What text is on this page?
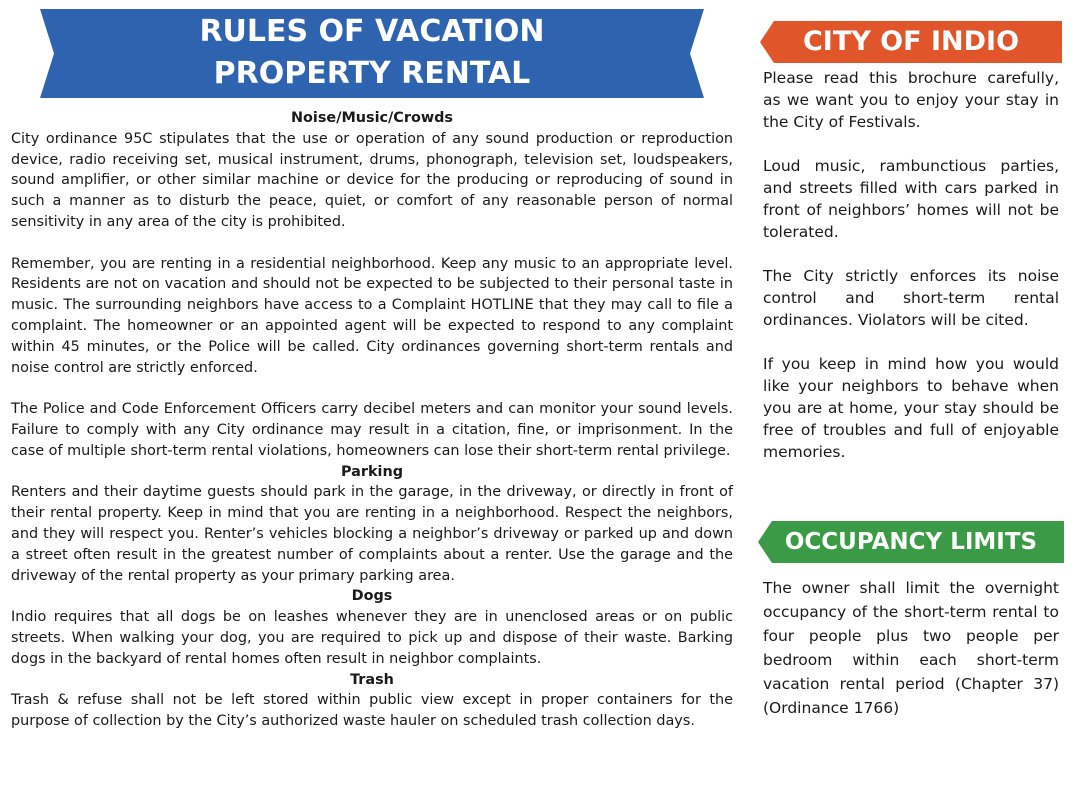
RULES OF VACATION
PROPERTY RENTAL
Noise/Music/Crowds

City ordinance 95C stipulates that the use or operation of any sound production or reproduction device, radio receiving set, musical instrument, drums, phonograph, television set, loudspeakers, sound amplifier, or other similar machine or device for the producing or reproducing of sound in such a manner as to disturb the peace, quiet, or comfort of any reasonable person of normal sensitivity in any area of the city is prohibited.

Remember, you are renting in a residential neighborhood. Keep any music to an appropriate level. Residents are not on vacation and should not be expected to be subjected to their personal taste in music. The surrounding neighbors have access to a Complaint HOTLINE that they may call to file a complaint. The homeowner or an appointed agent will be expected to respond to any complaint within 45 minutes, or the Police will be called. City ordinances governing short-term rentals and noise control are strictly enforced.

The Police and Code Enforcement Officers carry decibel meters and can monitor your sound levels. Failure to comply with any City ordinance may result in a citation, fine, or imprisonment. In the case of multiple short-term rental violations, homeowners can lose their short-term rental privilege.

Parking

Renters and their daytime guests should park in the garage, in the driveway, or directly in front of their rental property. Keep in mind that you are renting in a neighborhood. Respect the neighbors, and they will respect you. Renter’s vehicles blocking a neighbor’s driveway or parked up and down a street often result in the greatest number of complaints about a renter. Use the garage and the driveway of the rental property as your primary parking area.

Dogs

Indio requires that all dogs be on leashes whenever they are in unenclosed areas or on public streets. When walking your dog, you are required to pick up and dispose of their waste. Barking dogs in the backyard of rental homes often result in neighbor complaints.

Trash

Trash & refuse shall not be left stored within public view except in proper containers for the purpose of collection by the City’s authorized waste hauler on scheduled trash collection days.

CITY OF INDIO

Please read this brochure carefully, as we want you to enjoy your stay in the City of Festivals.

Loud music, rambunctious parties, and streets filled with cars parked in front of neighbors’ homes will not be tolerated.

The City strictly enforces its noise control and short-term rental ordinances. Violators will be cited.

If you keep in mind how you would like your neighbors to behave when you are at home, your stay should be free of troubles and full of enjoyable memories.

OCCUPANCY LIMITS

The owner shall limit the overnight occupancy of the short-term rental to four people plus two people per bedroom within each short-term vacation rental period (Chapter 37) (Ordinance 1766)
